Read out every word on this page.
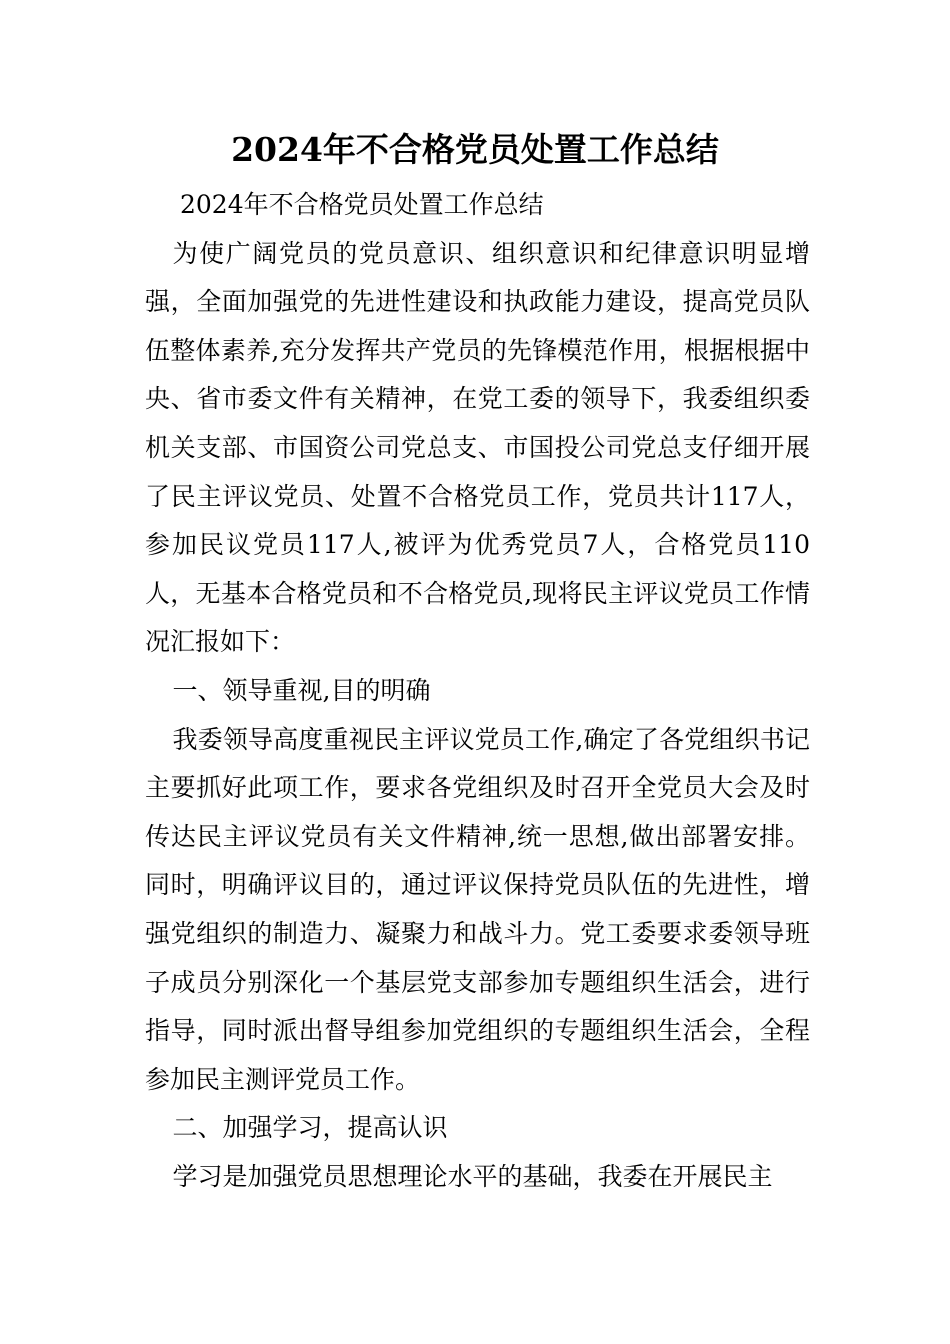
2024年不合格党员处置工作总结

2024年不合格党员处置工作总结

为使广阔党员的党员意识、组织意识和纪律意识明显增强，全面加强党的先进性建设和执政能力建设，提高党员队伍整体素养,充分发挥共产党员的先锋模范作用，根据根据中央、省市委文件有关精神，在党工委的领导下，我委组织委机关支部、市国资公司党总支、市国投公司党总支仔细开展了民主评议党员、处置不合格党员工作，党员共计117人，参加民议党员117人,被评为优秀党员7人，合格党员110人，无基本合格党员和不合格党员,现将民主评议党员工作情况汇报如下：

一、领导重视,目的明确

我委领导高度重视民主评议党员工作,确定了各党组织书记主要抓好此项工作，要求各党组织及时召开全党员大会及时传达民主评议党员有关文件精神,统一思想,做出部署安排。同时，明确评议目的，通过评议保持党员队伍的先进性，增强党组织的制造力、凝聚力和战斗力。党工委要求委领导班子成员分别深化一个基层党支部参加专题组织生活会，进行指导，同时派出督导组参加党组织的专题组织生活会，全程参加民主测评党员工作。

二、加强学习，提高认识

学习是加强党员思想理论水平的基础，我委在开展民主
